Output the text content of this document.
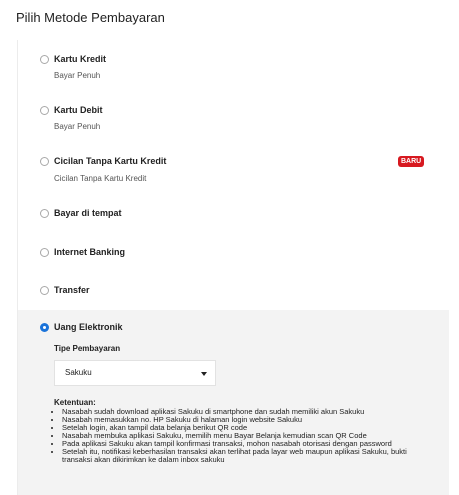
Pilih Metode Pembayaran
Kartu Kredit
Bayar Penuh
Kartu Debit
Bayar Penuh
Cicilan Tanpa Kartu Kredit	BARU
Cicilan Tanpa Kartu Kredit
Bayar di tempat
Internet Banking
Transfer
Uang Elektronik
Tipe Pembayaran
Sakuku
Ketentuan:
• Nasabah sudah download aplikasi Sakuku di smartphone dan sudah memiliki akun Sakuku
• Nasabah memasukkan no. HP Sakuku di halaman login website Sakuku
• Setelah login, akan tampil data belanja berikut QR code
• Nasabah membuka aplikasi Sakuku, memilih menu Bayar Belanja kemudian scan QR Code
• Pada aplikasi Sakuku akan tampil konfirmasi transaksi, mohon nasabah otorisasi dengan password
• Setelah itu, notifikasi keberhasilan transaksi akan terlihat pada layar web maupun aplikasi Sakuku, bukti transaksi akan dikirimkan ke dalam inbox sakuku
